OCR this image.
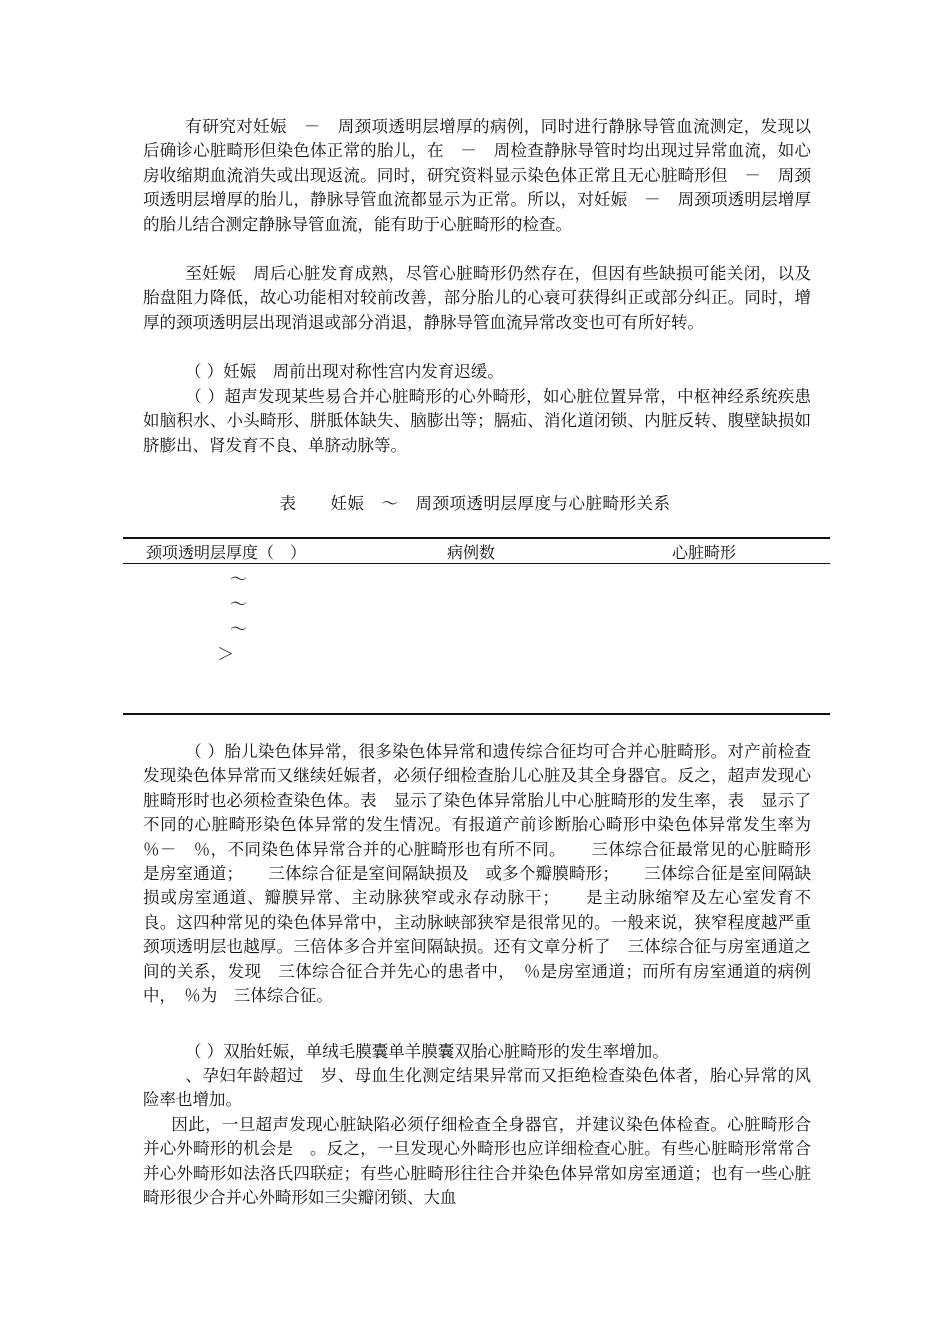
有研究对妊娠　－　周颈项透明层增厚的病例，同时进行静脉导管血流测定，发现以后确诊心脏畸形但染色体正常的胎儿，在　－　周检查静脉导管时均出现过异常血流，如心房收缩期血流消失或出现返流。同时，研究资料显示染色体正常且无心脏畸形但　－　周颈项透明层增厚的胎儿，静脉导管血流都显示为正常。所以，对妊娠　－　周颈项透明层增厚的胎儿结合测定静脉导管血流，能有助于心脏畸形的检查。
至妊娠　周后心脏发育成熟，尽管心脏畸形仍然存在，但因有些缺损可能关闭，以及胎盘阻力降低，故心功能相对较前改善，部分胎儿的心衰可获得纠正或部分纠正。同时，增厚的颈项透明层出现消退或部分消退，静脉导管血流异常改变也可有所好转。
（ ）妊娠　周前出现对称性宫内发育迟缓。
（ ）超声发现某些易合并心脏畸形的心外畸形，如心脏位置异常，中枢神经系统疾患如脑积水、小头畸形、胼胝体缺失、脑膨出等；膈疝、消化道闭锁、内脏反转、腹壁缺损如脐膨出、肾发育不良、单脐动脉等。
表　　妊娠　～　周颈项透明层厚度与心脏畸形关系
颈项透明层厚度（　）	病例数	心脏畸形
～
～
～
＞
（ ）胎儿染色体异常，很多染色体异常和遗传综合征均可合并心脏畸形。对产前检查发现染色体异常而又继续妊娠者，必须仔细检查胎儿心脏及其全身器官。反之，超声发现心脏畸形时也必须检查染色体。表　显示了染色体异常胎儿中心脏畸形的发生率，表　显示了不同的心脏畸形染色体异常的发生情况。有报道产前诊断胎心畸形中染色体异常发生率为　％－　％，不同染色体异常合并的心脏畸形也有所不同。　　三体综合征最常见的心脏畸形是房室通道；　　三体综合征是室间隔缺损及　或多个瓣膜畸形；　　三体综合征是室间隔缺损或房室通道、瓣膜异常、主动脉狭窄或永存动脉干；　　是主动脉缩窄及左心室发育不良。这四种常见的染色体异常中，主动脉峡部狭窄是很常见的。一般来说，狭窄程度越严重颈项透明层也越厚。三倍体多合并室间隔缺损。还有文章分析了　三体综合征与房室通道之间的关系，发现　三体综合征合并先心的患者中，　％是房室通道；而所有房室通道的病例中，　％为　三体综合征。
（ ）双胎妊娠，单绒毛膜囊单羊膜囊双胎心脏畸形的发生率增加。
、孕妇年龄超过　岁、母血生化测定结果异常而又拒绝检查染色体者，胎心异常的风险率也增加。
因此，一旦超声发现心脏缺陷必须仔细检查全身器官，并建议染色体检查。心脏畸形合并心外畸形的机会是　。反之，一旦发现心外畸形也应详细检查心脏。有些心脏畸形常常合并心外畸形如法洛氏四联症；有些心脏畸形往往合并染色体异常如房室通道；也有一些心脏畸形很少合并心外畸形如三尖瓣闭锁、大血
